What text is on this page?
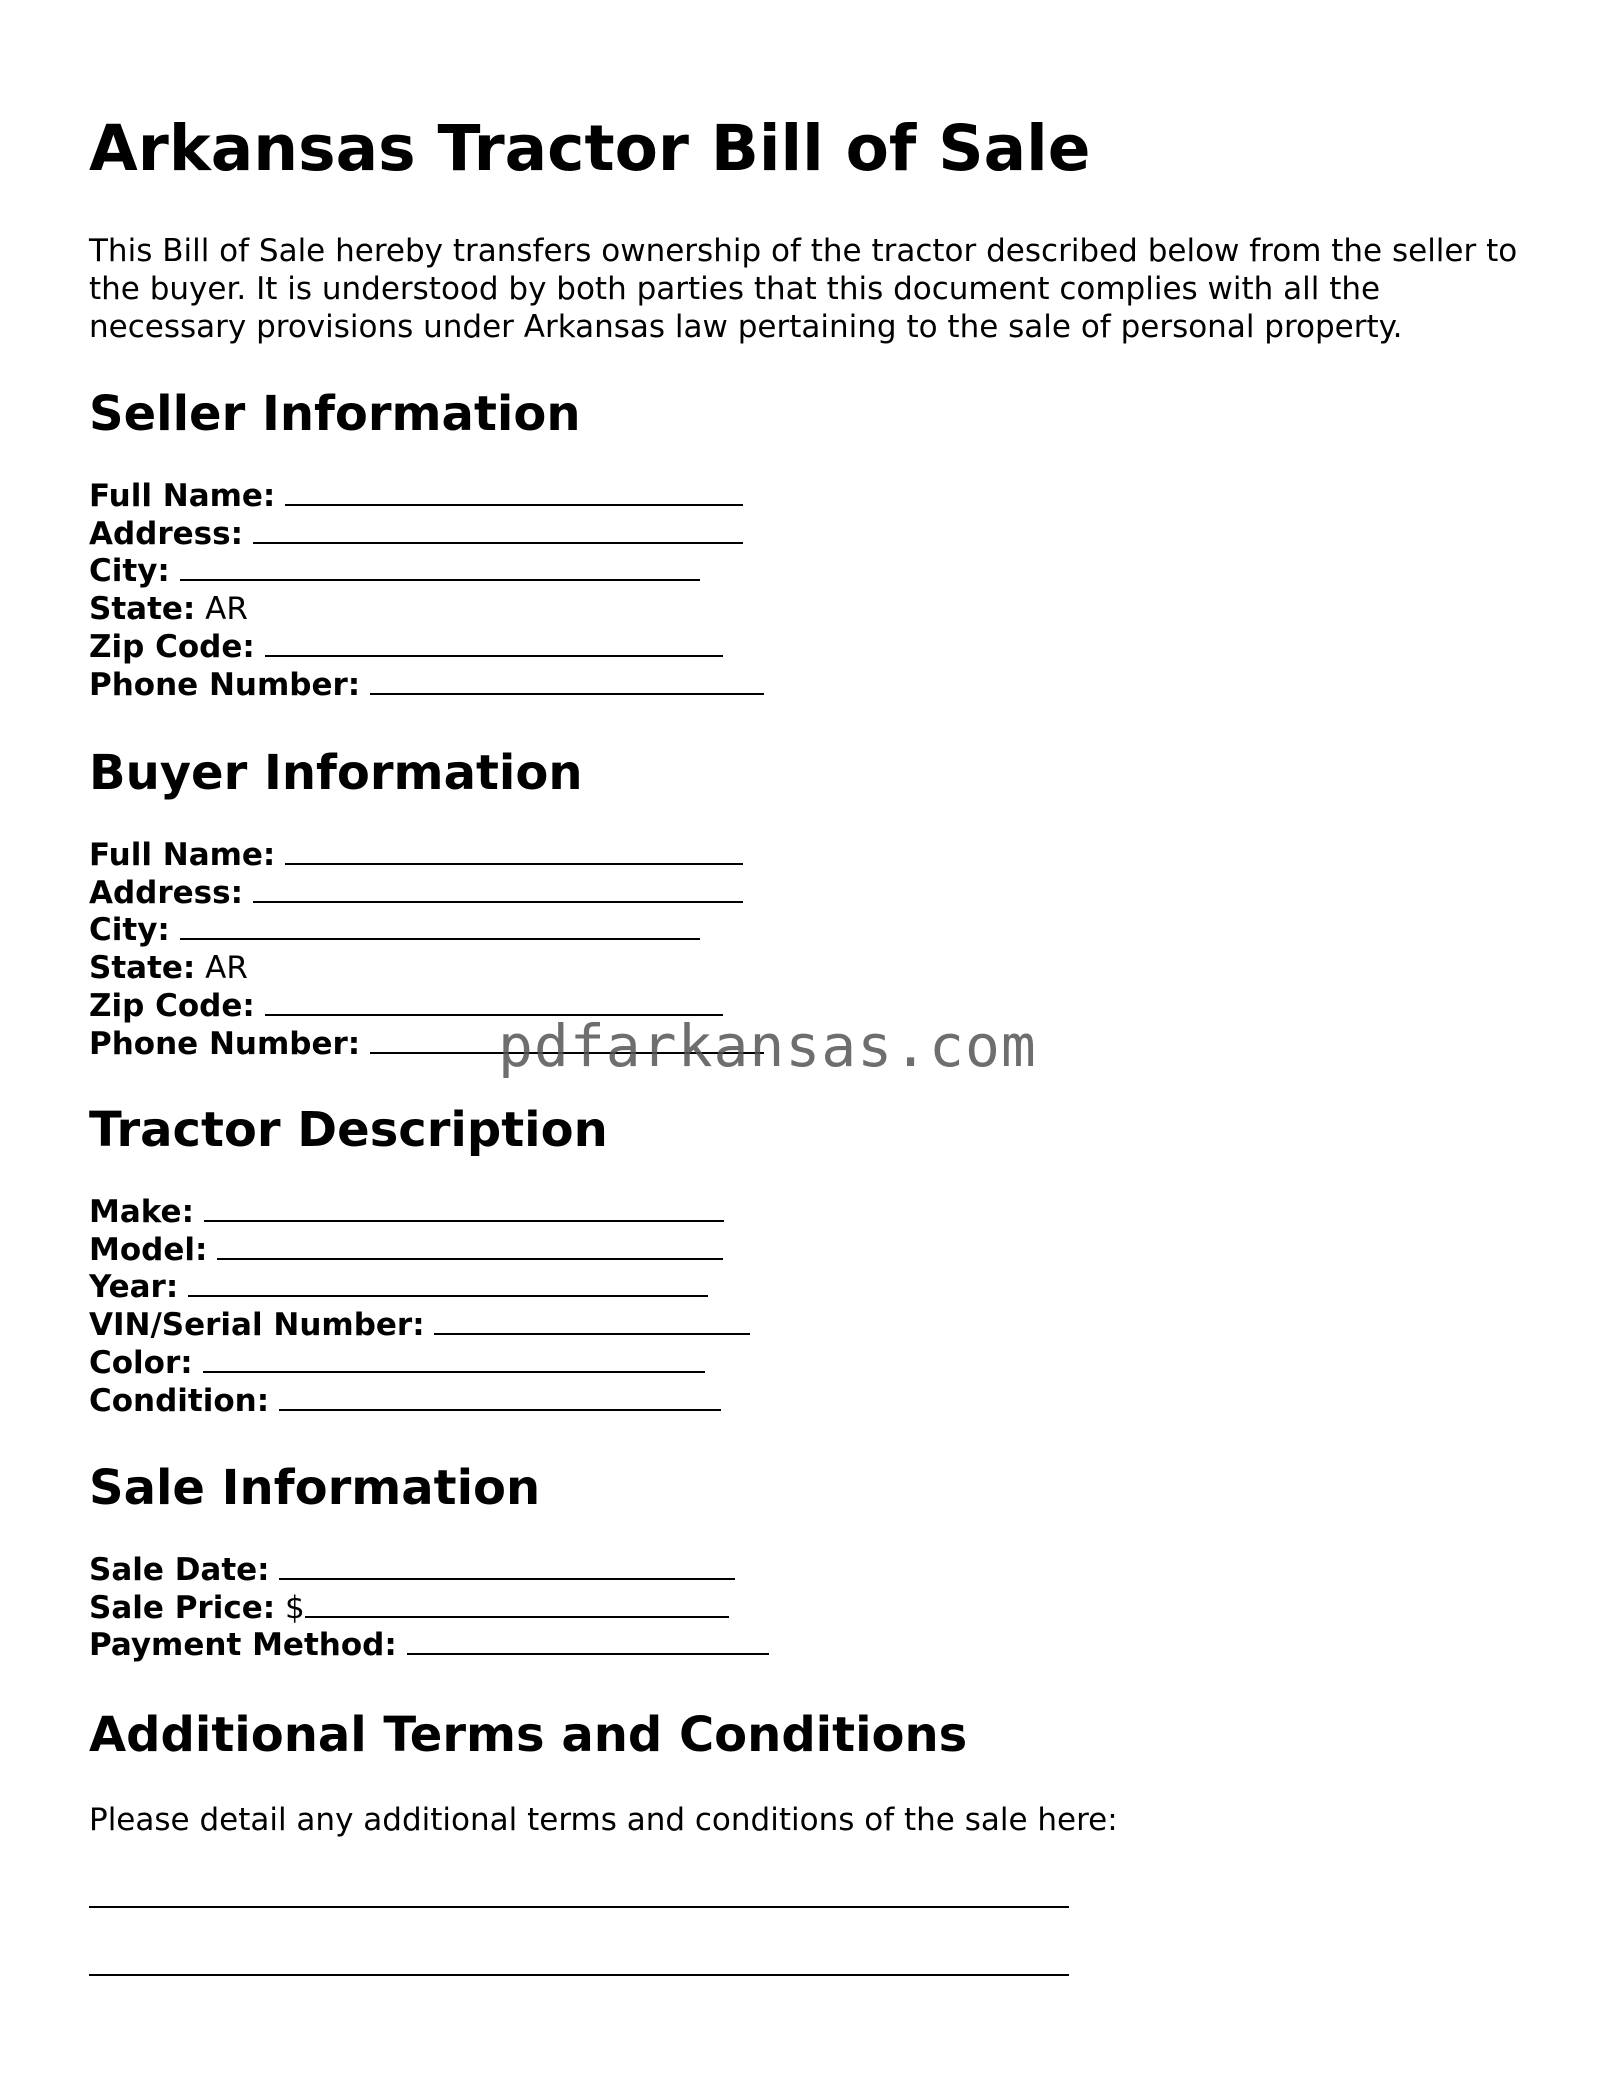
Arkansas Tractor Bill of Sale

This Bill of Sale hereby transfers ownership of the tractor described below from the seller to the buyer. It is understood by both parties that this document complies with all the necessary provisions under Arkansas law pertaining to the sale of personal property.

Seller Information
Full Name:
Address:
City:
State: AR
Zip Code:
Phone Number:
Buyer Information
Full Name:
Address:
City:
State: AR
Zip Code:
Phone Number:
Tractor Description
Make:
Model:
Year:
VIN/Serial Number:
Color:
Condition:
Sale Information
Sale Date:
Sale Price: $
Payment Method:
Additional Terms and Conditions

Please detail any additional terms and conditions of the sale here:

pdfarkansas.com
